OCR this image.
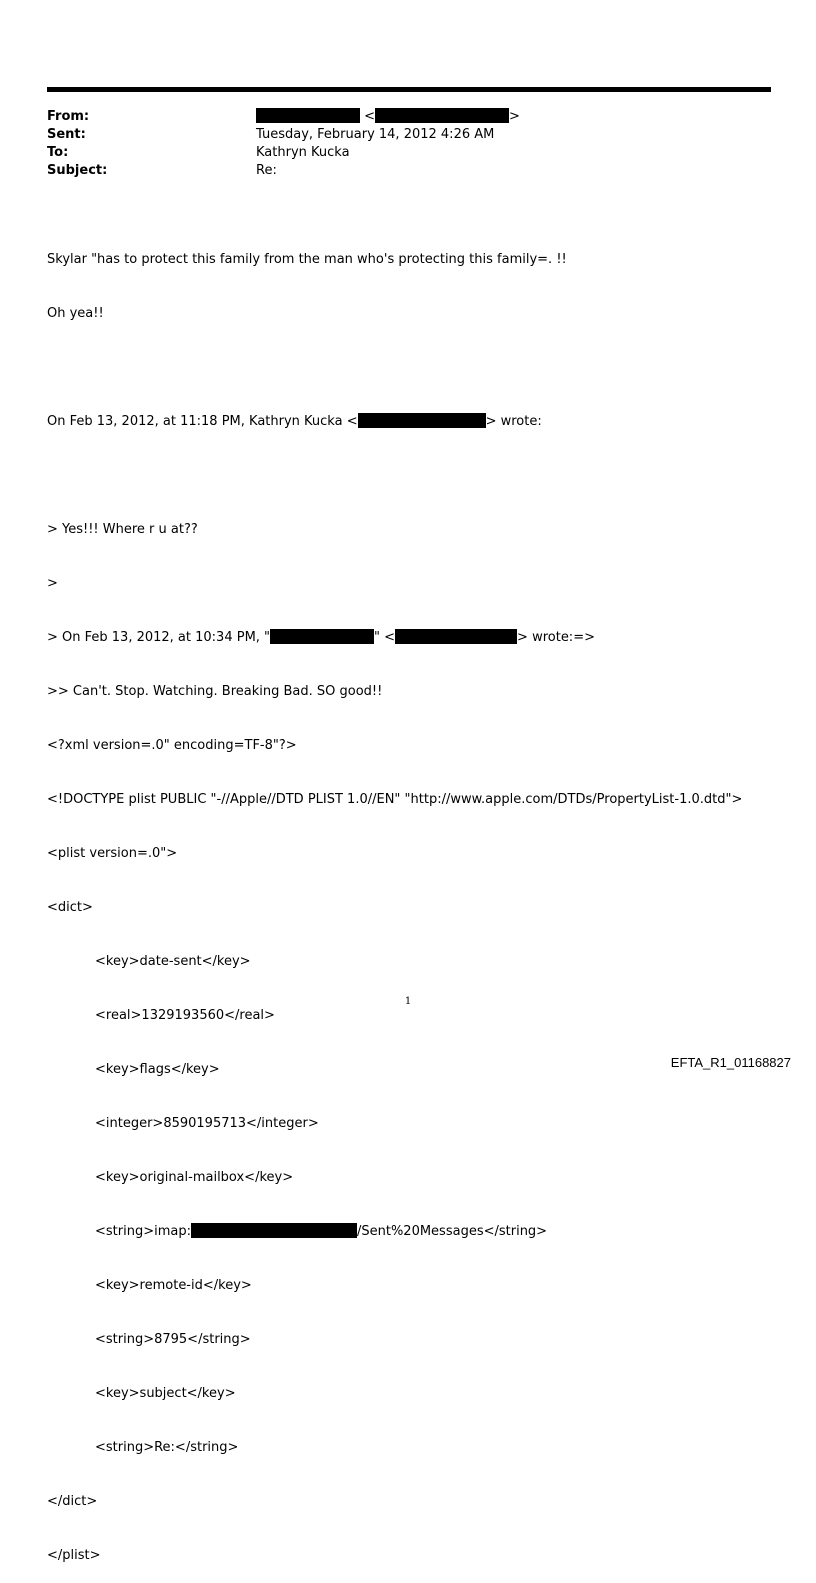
From:	<	>
Sent:	Tuesday, February 14, 2012 4:26 AM
To:	Kathryn Kucka
Subject:	Re:

Skylar "has to protect this family from the man who's protecting this family=. !!

Oh yea!!

On Feb 13, 2012, at 11:18 PM, Kathryn Kucka <	> wrote:

> Yes!!! Where r u at??

>

> On Feb 13, 2012, at 10:34 PM, "	" <	> wrote:=>

>> Can't. Stop. Watching. Breaking Bad. SO good!!

<?xml version=.0" encoding=TF-8"?>

<!DOCTYPE plist PUBLIC "-//Apple//DTD PLIST 1.0//EN" "http://www.apple.com/DTDs/PropertyList-1.0.dtd">

<plist version=.0">

<dict>

<key>date-sent</key>

<real>1329193560</real>

<key>flags</key>

<integer>8590195713</integer>

<key>original-mailbox</key>

<string>imap:	/Sent%20Messages</string>

<key>remote-id</key>

<string>8795</string>

<key>subject</key>

<string>Re:</string>

</dict>

</plist>

1
EFTA_R1_01168827
